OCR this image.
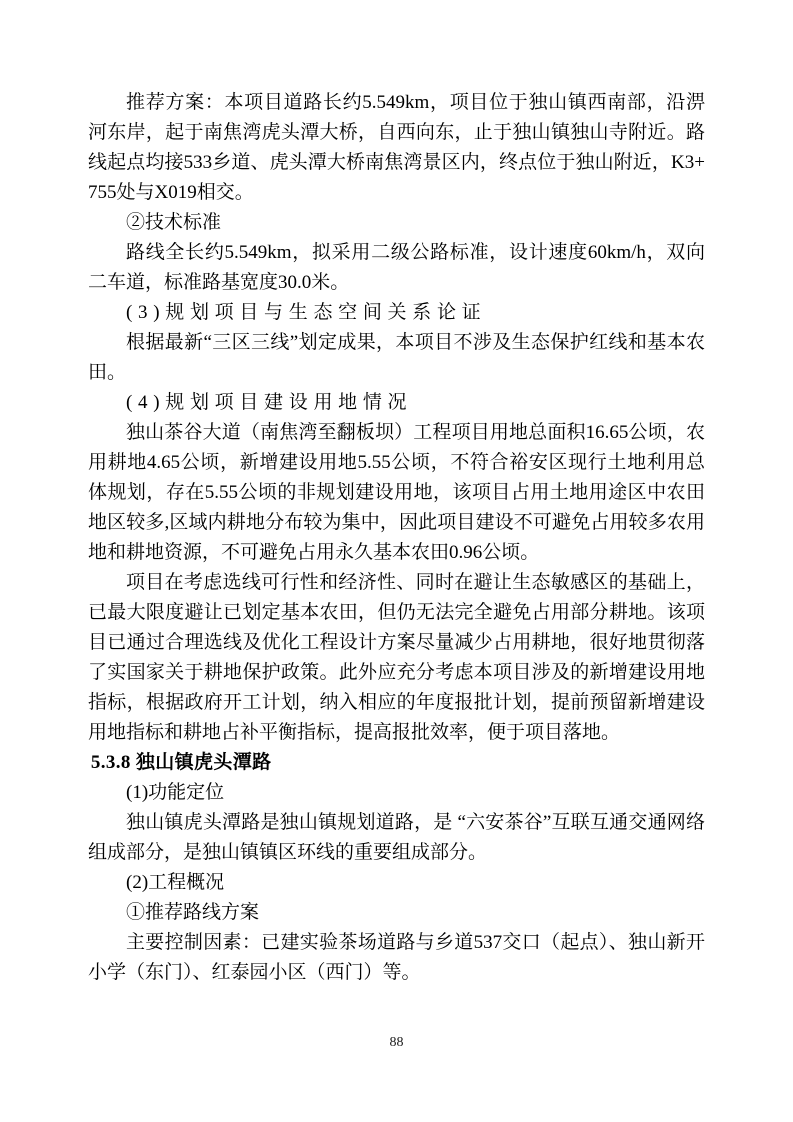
推荐方案：本项目道路长约5.549km，项目位于独山镇西南部，沿淠河东岸，起于南焦湾虎头潭大桥，自西向东，止于独山镇独山寺附近。路线起点均接533乡道、虎头潭大桥南焦湾景区内，终点位于独山附近，K3+755处与X019相交。

②技术标准

路线全长约5.549km，拟采用二级公路标准，设计速度60km/h，双向二车道，标准路基宽度30.0米。

(3)规划项目与生态空间关系论证

根据最新“三区三线”划定成果，本项目不涉及生态保护红线和基本农田。

(4)规划项目建设用地情况

独山茶谷大道（南焦湾至翻板坝）工程项目用地总面积16.65公顷，农用耕地4.65公顷，新增建设用地5.55公顷，不符合裕安区现行土地利用总体规划，存在5.55公顷的非规划建设用地，该项目占用土地用途区中农田地区较多,区域内耕地分布较为集中，因此项目建设不可避免占用较多农用地和耕地资源，不可避免占用永久基本农田0.96公顷。

项目在考虑选线可行性和经济性、同时在避让生态敏感区的基础上，已最大限度避让已划定基本农田，但仍无法完全避免占用部分耕地。该项目已通过合理选线及优化工程设计方案尽量减少占用耕地，很好地贯彻落了实国家关于耕地保护政策。此外应充分考虑本项目涉及的新增建设用地指标，根据政府开工计划，纳入相应的年度报批计划，提前预留新增建设用地指标和耕地占补平衡指标，提高报批效率，便于项目落地。

5.3.8 独山镇虎头潭路

(1)功能定位

独山镇虎头潭路是独山镇规划道路，是 “六安茶谷”互联互通交通网络组成部分，是独山镇镇区环线的重要组成部分。

(2)工程概况

①推荐路线方案

主要控制因素：已建实验茶场道路与乡道537交口（起点）、独山新开小学（东门）、红泰园小区（西门）等。

88
